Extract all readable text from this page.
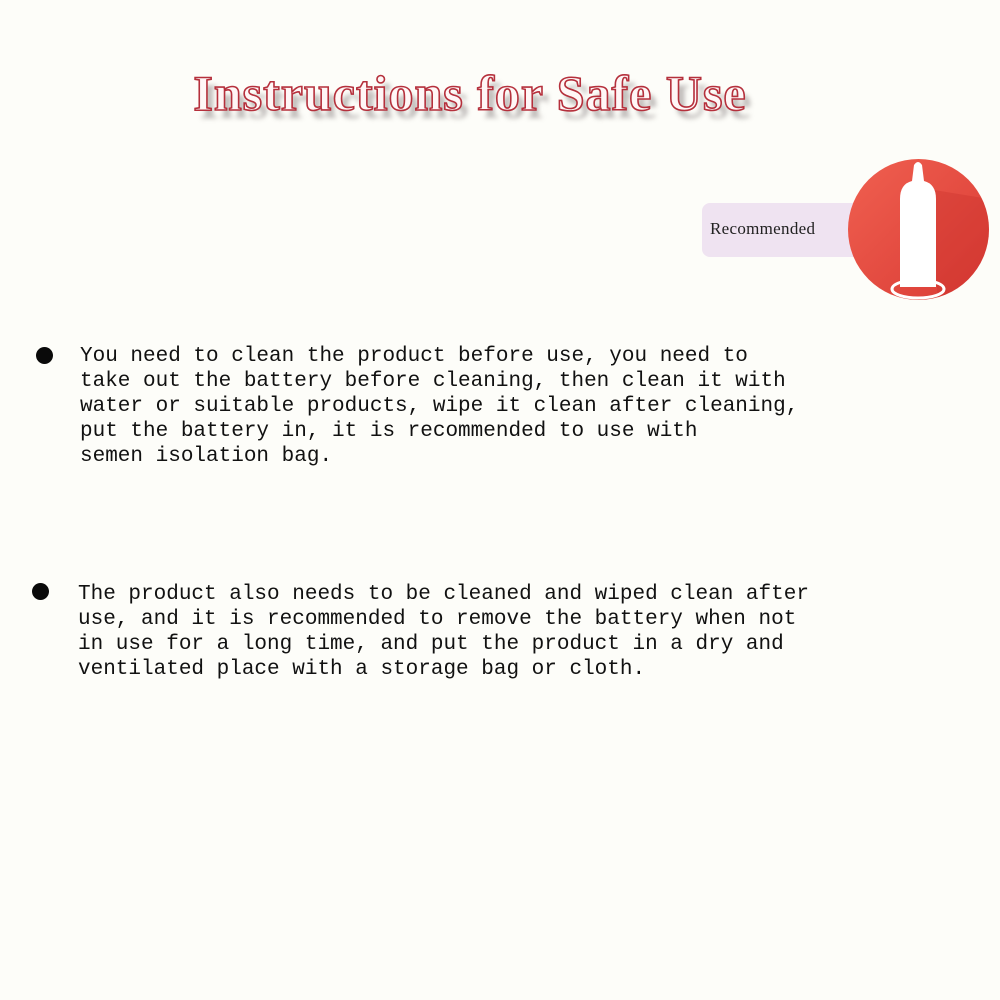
Instructions for Safe Use
Recommended
You need to clean the product before use, you need to
take out the battery before cleaning, then clean it with
water or suitable products, wipe it clean after cleaning,
put the battery in, it is recommended to use with
semen isolation bag.
The product also needs to be cleaned and wiped clean after
use, and it is recommended to remove the battery when not
in use for a long time, and put the product in a dry and
ventilated place with a storage bag or cloth.
